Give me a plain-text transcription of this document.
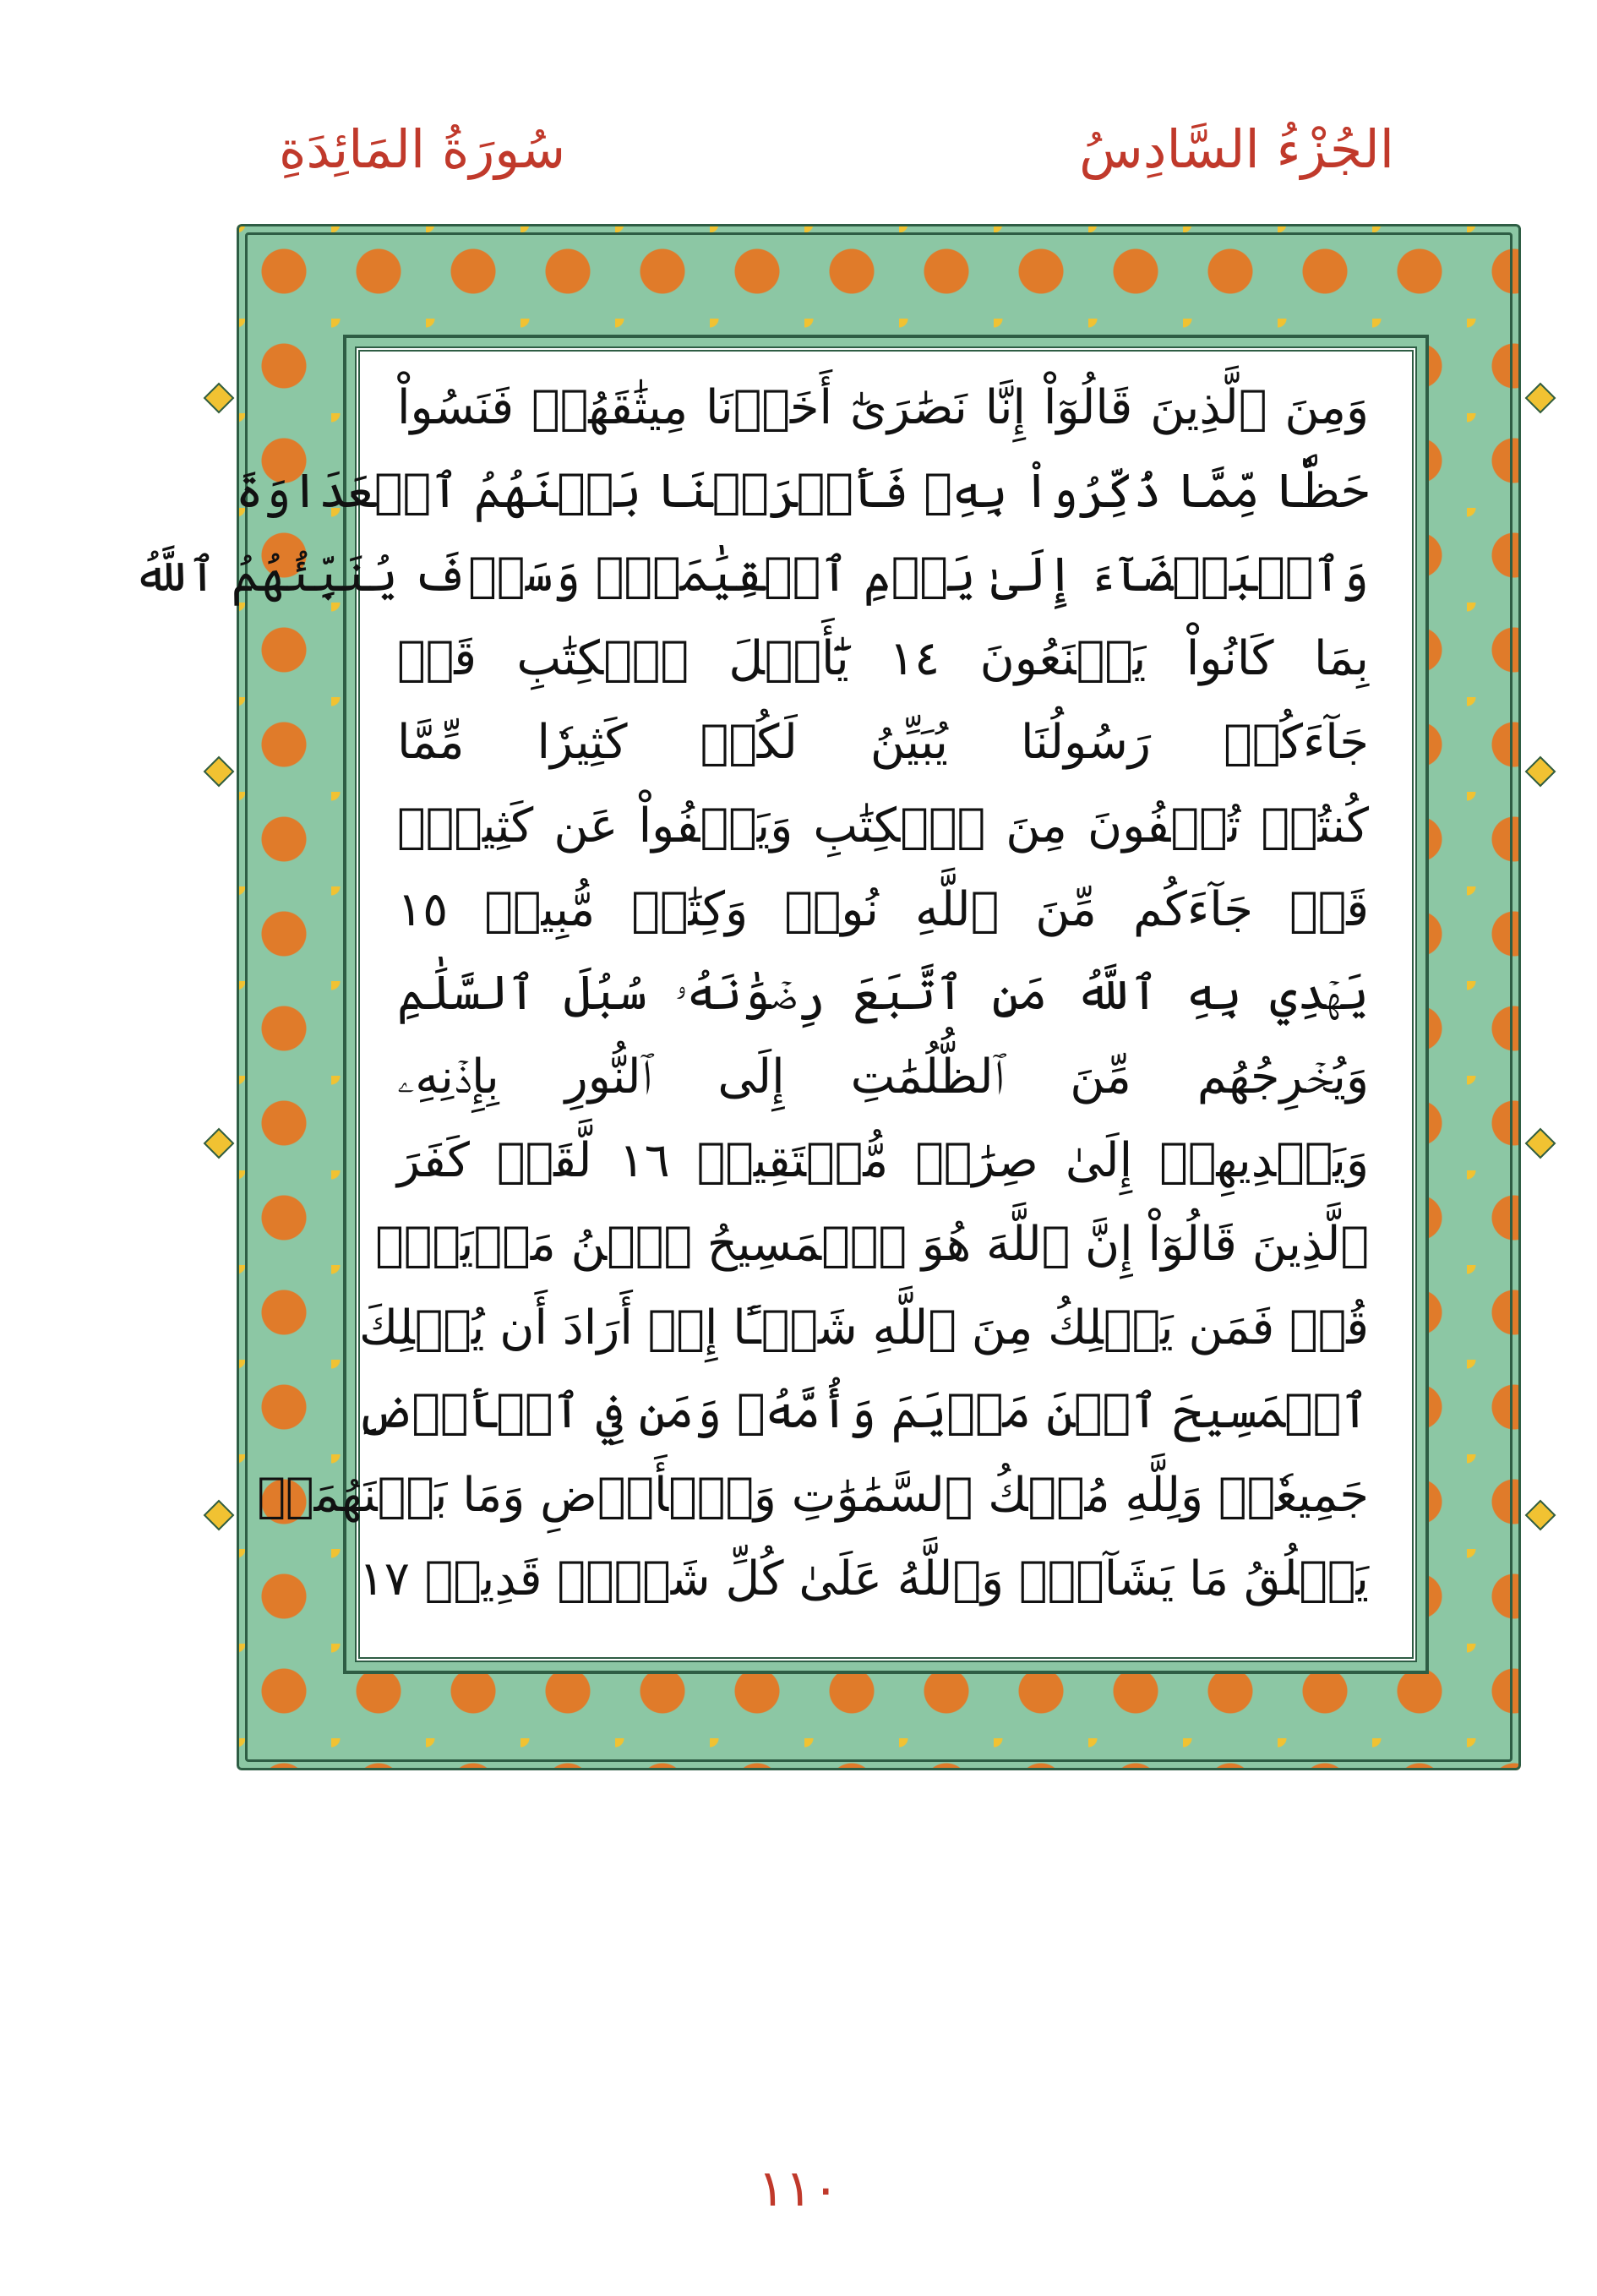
الجُزْءُ السَّادِسُ
سُورَةُ المَائِدَةِ
وَمِنَ ٱلَّذِينَ قَالُوٓاْ إِنَّا نَصَٰرَىٰٓ أَخَذۡنَا مِيثَٰقَهُمۡ فَنَسُواْ
حَظّٗا مِّمَّا ذُكِّرُواْ بِهِۦ فَأَغۡرَيۡنَا بَيۡنَهُمُ ٱلۡعَدَاوَةَ
وَٱلۡبَغۡضَآءَ إِلَىٰ يَوۡمِ ٱلۡقِيَٰمَةِۚ وَسَوۡفَ يُنَبِّئُهُمُ ٱللَّهُ
بِمَا كَانُواْ يَصۡنَعُونَ ١٤ يَٰٓأَهۡلَ ٱلۡكِتَٰبِ قَدۡ
جَآءَكُمۡ رَسُولُنَا يُبَيِّنُ لَكُمۡ كَثِيرٗا مِّمَّا
كُنتُمۡ تُخۡفُونَ مِنَ ٱلۡكِتَٰبِ وَيَعۡفُواْ عَن كَثِيرٖۚ
قَدۡ جَآءَكُم مِّنَ ٱللَّهِ نُورٞ وَكِتَٰبٞ مُّبِينٞ ١٥
يَهۡدِي بِهِ ٱللَّهُ مَنِ ٱتَّبَعَ رِضۡوَٰنَهُۥ سُبُلَ ٱلسَّلَٰمِ
وَيُخۡرِجُهُم مِّنَ ٱلظُّلُمَٰتِ إِلَى ٱلنُّورِ بِإِذۡنِهِۦ
وَيَهۡدِيهِمۡ إِلَىٰ صِرَٰطٖ مُّسۡتَقِيمٖ ١٦ لَّقَدۡ كَفَرَ
ٱلَّذِينَ قَالُوٓاْ إِنَّ ٱللَّهَ هُوَ ٱلۡمَسِيحُ ٱبۡنُ مَرۡيَمَۚ
قُلۡ فَمَن يَمۡلِكُ مِنَ ٱللَّهِ شَيۡـًٔا إِنۡ أَرَادَ أَن يُهۡلِكَ
ٱلۡمَسِيحَ ٱبۡنَ مَرۡيَمَ وَأُمَّهُۥ وَمَن فِي ٱلۡأَرۡضِ
جَمِيعٗاۗ وَلِلَّهِ مُلۡكُ ٱلسَّمَٰوَٰتِ وَٱلۡأَرۡضِ وَمَا بَيۡنَهُمَاۚ
يَخۡلُقُ مَا يَشَآءُۚ وَٱللَّهُ عَلَىٰ كُلِّ شَيۡءٖ قَدِيرٞ ١٧
١١٠
